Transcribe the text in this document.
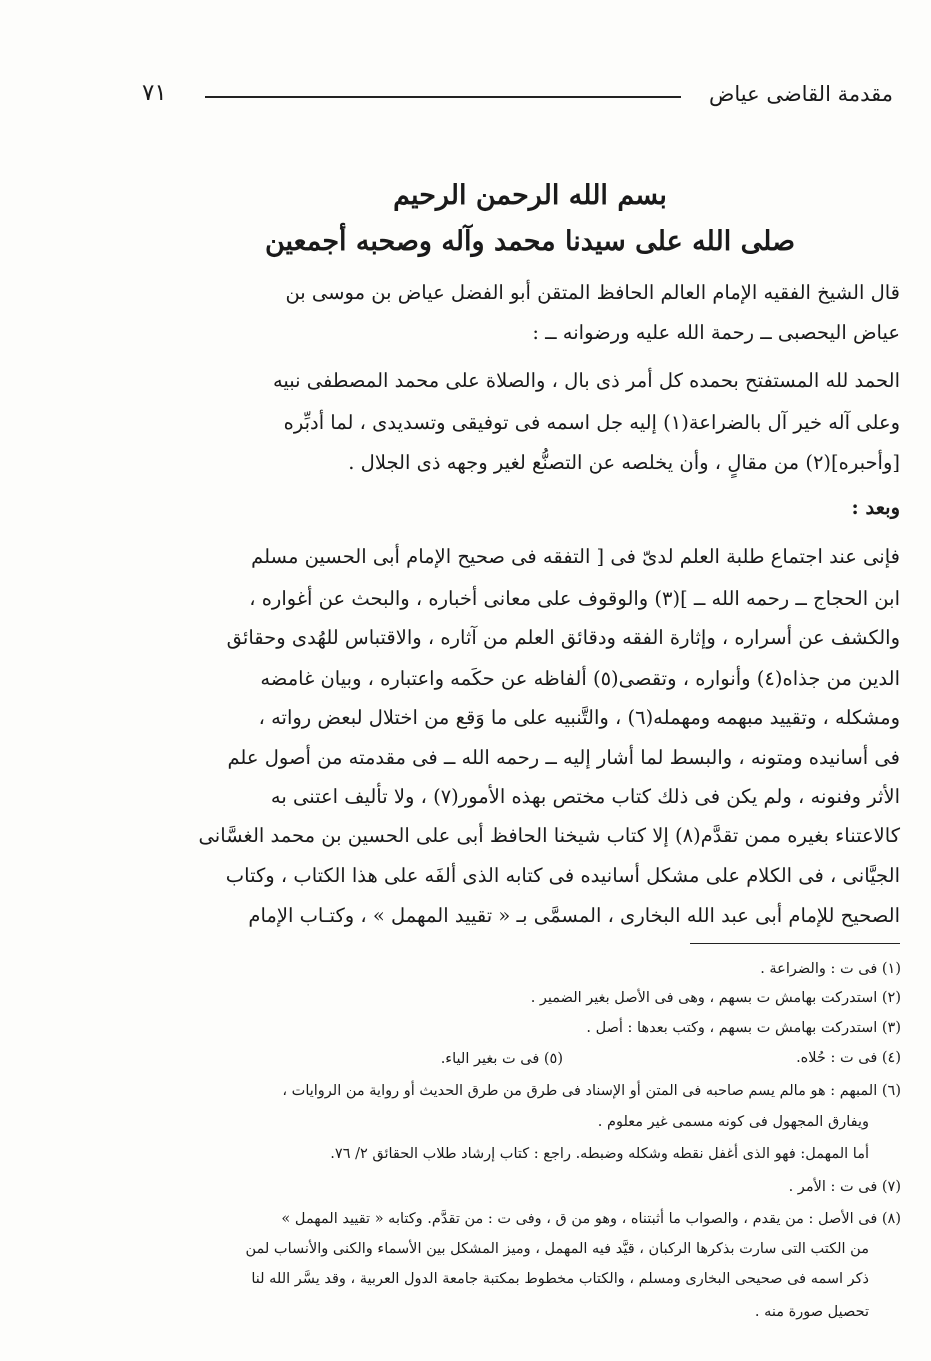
مقدمة القاضى عياض
٧١
بسم الله الرحمن الرحيم
صلى الله على سيدنا محمد وآله وصحبه أجمعين
قال الشيخ الفقيه الإمام العالم الحافظ المتقن أبو الفضل عياض بن موسى بن
عياض اليحصبى ــ رحمة الله عليه ورضوانه ــ :
الحمد لله المستفتح بحمده كل أمر ذى بال ، والصلاة على محمد المصطفى نبيه
وعلى آله خير آل بالضراعة(١) إليه جل اسمه فى توفيقى وتسديدى ، لما أدبِّره
[وأحبره](٢) من مقالٍ ، وأن يخلصه عن التصنُّع لغير وجهه ذى الجلال .
وبعد :
فإنى عند اجتماع طلبة العلم لدىّ فى [ التفقه فى صحيح الإمام أبى الحسين مسلم
ابن الحجاج ــ رحمه الله ــ ](٣) والوقوف على معانى أخباره ، والبحث عن أغواره ،
والكشف عن أسراره ، وإثارة الفقه ودقائق العلم من آثاره ، والاقتباس للهُدى وحقائق
الدين من جذاه(٤) وأنواره ، وتقصى(٥) ألفاظه عن حكَمه واعتباره ، وبيان غامضه
ومشكله ، وتقييد مبهمه ومهمله(٦) ، والتَّنبيه على ما وَقع من اختلال لبعض رواته ،
فى أسانيده ومتونه ، والبسط لما أشار إليه ــ رحمه الله ــ فى مقدمته من أصول علم
الأثر وفنونه ، ولم يكن فى ذلك كتاب مختص بهذه الأمور(٧) ، ولا تأليف اعتنى به
كالاعتناء بغيره ممن تقدَّم(٨) إلا كتاب شيخنا الحافظ أبى على الحسين بن محمد الغسَّانى
الجيَّانى ، فى الكلام على مشكل أسانيده فى كتابه الذى ألفَه على هذا الكتاب ، وكتاب
الصحيح للإمام أبى عبد الله البخارى ، المسمَّى بـ « تقييد المهمل » ، وكتـاب الإمام
(١) فى ت : والضراعة .
(٢) استدركت بهامش ت بسهم ، وهى فى الأصل بغير الضمير .
(٣) استدركت بهامش ت بسهم ، وكتب بعدها : أصل .
(٤) فى ت : حُلاه.
(٥) فى ت بغير الياء.
(٦) المبهم : هو مالم يسم صاحبه فى المتن أو الإسناد فى طرق من طرق الحديث أو رواية من الروايات ،
ويفارق المجهول فى كونه مسمى غير معلوم .
أما المهمل: فهو الذى أغفل نقطه وشكله وضبطه. راجع : كتاب إرشاد طلاب الحقائق ٢/ ٧٦.
(٧) فى ت : الأمر .
(٨) فى الأصل : من يقدم ، والصواب ما أثبتناه ، وهو من ق ، وفى ت : من تقدَّم. وكتابه « تقييد المهمل »
من الكتب التى سارت بذكرها الركبان ، قيَّد فيه المهمل ، وميز المشكل بين الأسماء والكنى والأنساب لمن
ذكر اسمه فى صحيحى البخارى ومسلم ، والكتاب مخطوط بمكتبة جامعة الدول العربية ، وقد يسَّر الله لنا
تحصيل صورة منه .
